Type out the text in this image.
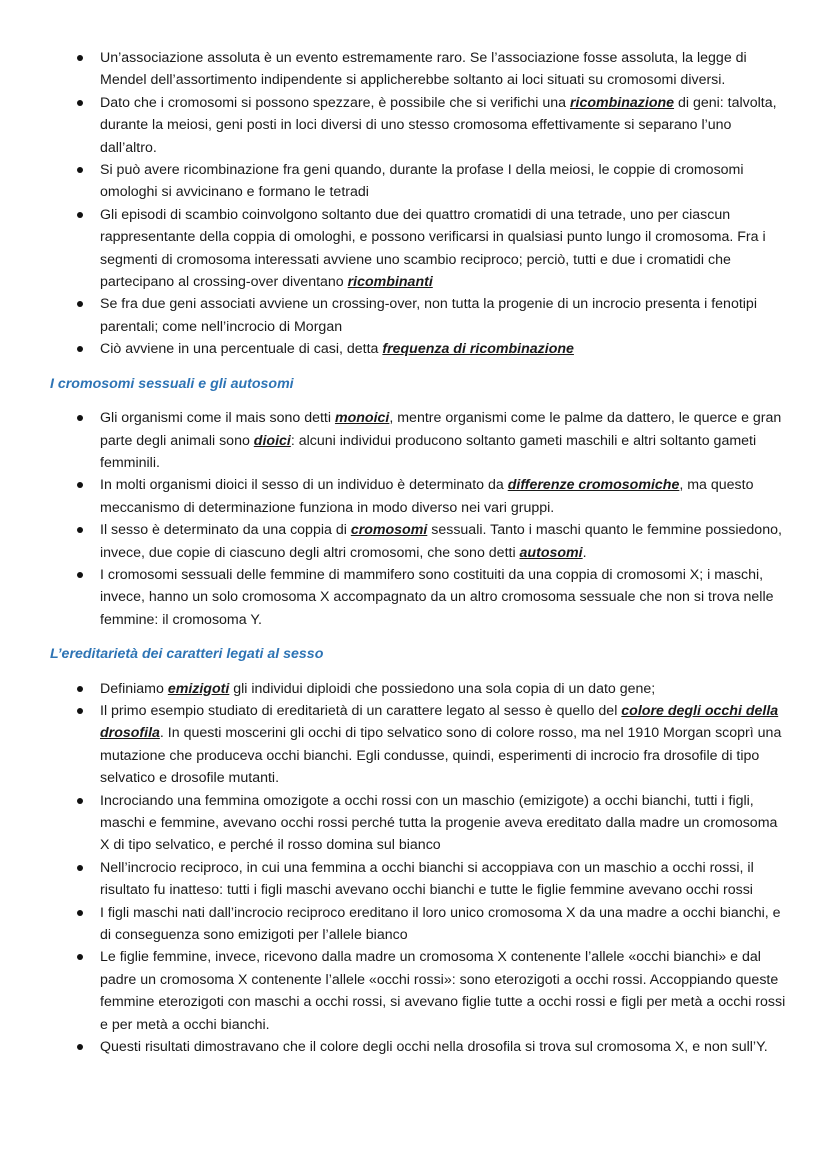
Un’associazione assoluta è un evento estremamente raro. Se l’associazione fosse assoluta, la legge di Mendel dell’assortimento indipendente si applicherebbe soltanto ai loci situati su cromosomi diversi.
Dato che i cromosomi si possono spezzare, è possibile che si verifichi una ricombinazione di geni: talvolta, durante la meiosi, geni posti in loci diversi di uno stesso cromosoma effettivamente si separano l’uno dall’altro.
Si può avere ricombinazione fra geni quando, durante la profase I della meiosi, le coppie di cromosomi omologhi si avvicinano e formano le tetradi
Gli episodi di scambio coinvolgono soltanto due dei quattro cromatidi di una tetrade, uno per ciascun rappresentante della coppia di omologhi, e possono verificarsi in qualsiasi punto lungo il cromosoma. Fra i segmenti di cromosoma interessati avviene uno scambio reciproco; perciò, tutti e due i cromatidi che partecipano al crossing-over diventano ricombinanti
Se fra due geni associati avviene un crossing-over, non tutta la progenie di un incrocio presenta i fenotipi parentali; come nell’incrocio di Morgan
Ciò avviene in una percentuale di casi, detta frequenza di ricombinazione
I cromosomi sessuali e gli autosomi
Gli organismi come il mais sono detti monoici, mentre organismi come le palme da dattero, le querce e gran parte degli animali sono dioici: alcuni individui producono soltanto gameti maschili e altri soltanto gameti femminili.
In molti organismi dioici il sesso di un individuo è determinato da differenze cromosomiche, ma questo meccanismo di determinazione funziona in modo diverso nei vari gruppi.
Il sesso è determinato da una coppia di cromosomi sessuali. Tanto i maschi quanto le femmine possiedono, invece, due copie di ciascuno degli altri cromosomi, che sono detti autosomi.
I cromosomi sessuali delle femmine di mammifero sono costituiti da una coppia di cromosomi X; i maschi, invece, hanno un solo cromosoma X accompagnato da un altro cromosoma sessuale che non si trova nelle femmine: il cromosoma Y.
L’ereditarietà dei caratteri legati al sesso
Definiamo emizigoti gli individui diploidi che possiedono una sola copia di un dato gene;
Il primo esempio studiato di ereditarietà di un carattere legato al sesso è quello del colore degli occhi della drosofila. In questi moscerini gli occhi di tipo selvatico sono di colore rosso, ma nel 1910 Morgan scoprì una mutazione che produceva occhi bianchi. Egli condusse, quindi, esperimenti di incrocio fra drosofile di tipo selvatico e drosofile mutanti.
Incrociando una femmina omozigote a occhi rossi con un maschio (emizigote) a occhi bianchi, tutti i figli, maschi e femmine, avevano occhi rossi perché tutta la progenie aveva ereditato dalla madre un cromosoma X di tipo selvatico, e perché il rosso domina sul bianco
Nell’incrocio reciproco, in cui una femmina a occhi bianchi si accoppiava con un maschio a occhi rossi, il risultato fu inatteso: tutti i figli maschi avevano occhi bianchi e tutte le figlie femmine avevano occhi rossi
I figli maschi nati dall’incrocio reciproco ereditano il loro unico cromosoma X da una madre a occhi bianchi, e di conseguenza sono emizigoti per l’allele bianco
Le figlie femmine, invece, ricevono dalla madre un cromosoma X contenente l’allele «occhi bianchi» e dal padre un cromosoma X contenente l’allele «occhi rossi»: sono eterozigoti a occhi rossi. Accoppiando queste femmine eterozigoti con maschi a occhi rossi, si avevano figlie tutte a occhi rossi e figli per metà a occhi rossi e per metà a occhi bianchi.
Questi risultati dimostravano che il colore degli occhi nella drosofila si trova sul cromosoma X, e non sull’Y.
